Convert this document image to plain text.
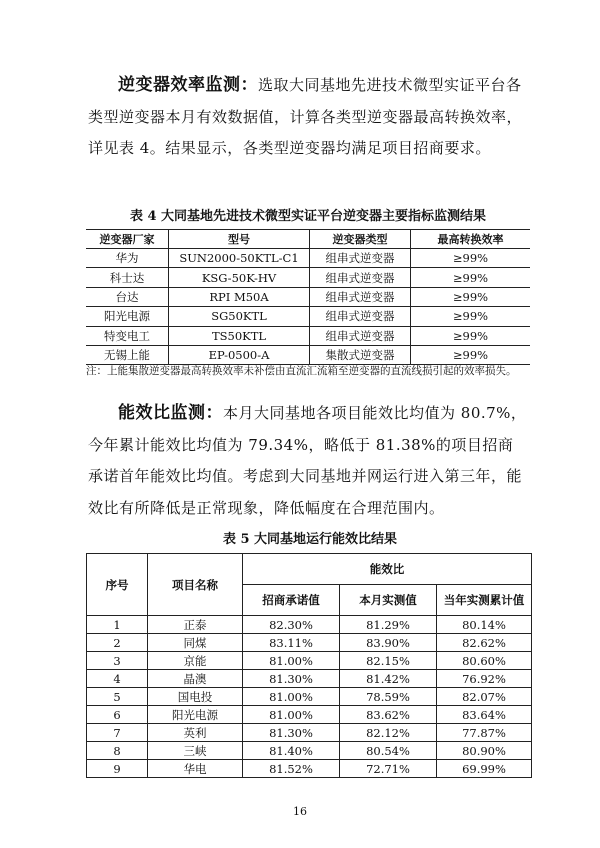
逆变器效率监测：选取大同基地先进技术微型实证平台各类型逆变器本月有效数据值，计算各类型逆变器最高转换效率，详见表 4。结果显示，各类型逆变器均满足项目招商要求。
表 4 大同基地先进技术微型实证平台逆变器主要指标监测结果
逆变器厂家	型号	逆变器类型	最高转换效率
华为	SUN2000-50KTL-C1	组串式逆变器	≥99%
科士达	KSG-50K-HV	组串式逆变器	≥99%
台达	RPI M50A	组串式逆变器	≥99%
阳光电源	SG50KTL	组串式逆变器	≥99%
特变电工	TS50KTL	组串式逆变器	≥99%
无锡上能	EP-0500-A	集散式逆变器	≥99%
注：上能集散逆变器最高转换效率未补偿由直流汇流箱至逆变器的直流线损引起的效率损失。
能效比监测：本月大同基地各项目能效比均值为 80.7%，今年累计能效比均值为 79.34%，略低于 81.38%的项目招商承诺首年能效比均值。考虑到大同基地并网运行进入第三年，能效比有所降低是正常现象，降低幅度在合理范围内。
表 5 大同基地运行能效比结果
序号	项目名称	能效比		
		招商承诺值	本月实测值	当年实测累计值
1	正泰	82.30%	81.29%	80.14%
2	同煤	83.11%	83.90%	82.62%
3	京能	81.00%	82.15%	80.60%
4	晶澳	81.30%	81.42%	76.92%
5	国电投	81.00%	78.59%	82.07%
6	阳光电源	81.00%	83.62%	83.64%
7	英利	81.30%	82.12%	77.87%
8	三峡	81.40%	80.54%	80.90%
9	华电	81.52%	72.71%	69.99%
16
